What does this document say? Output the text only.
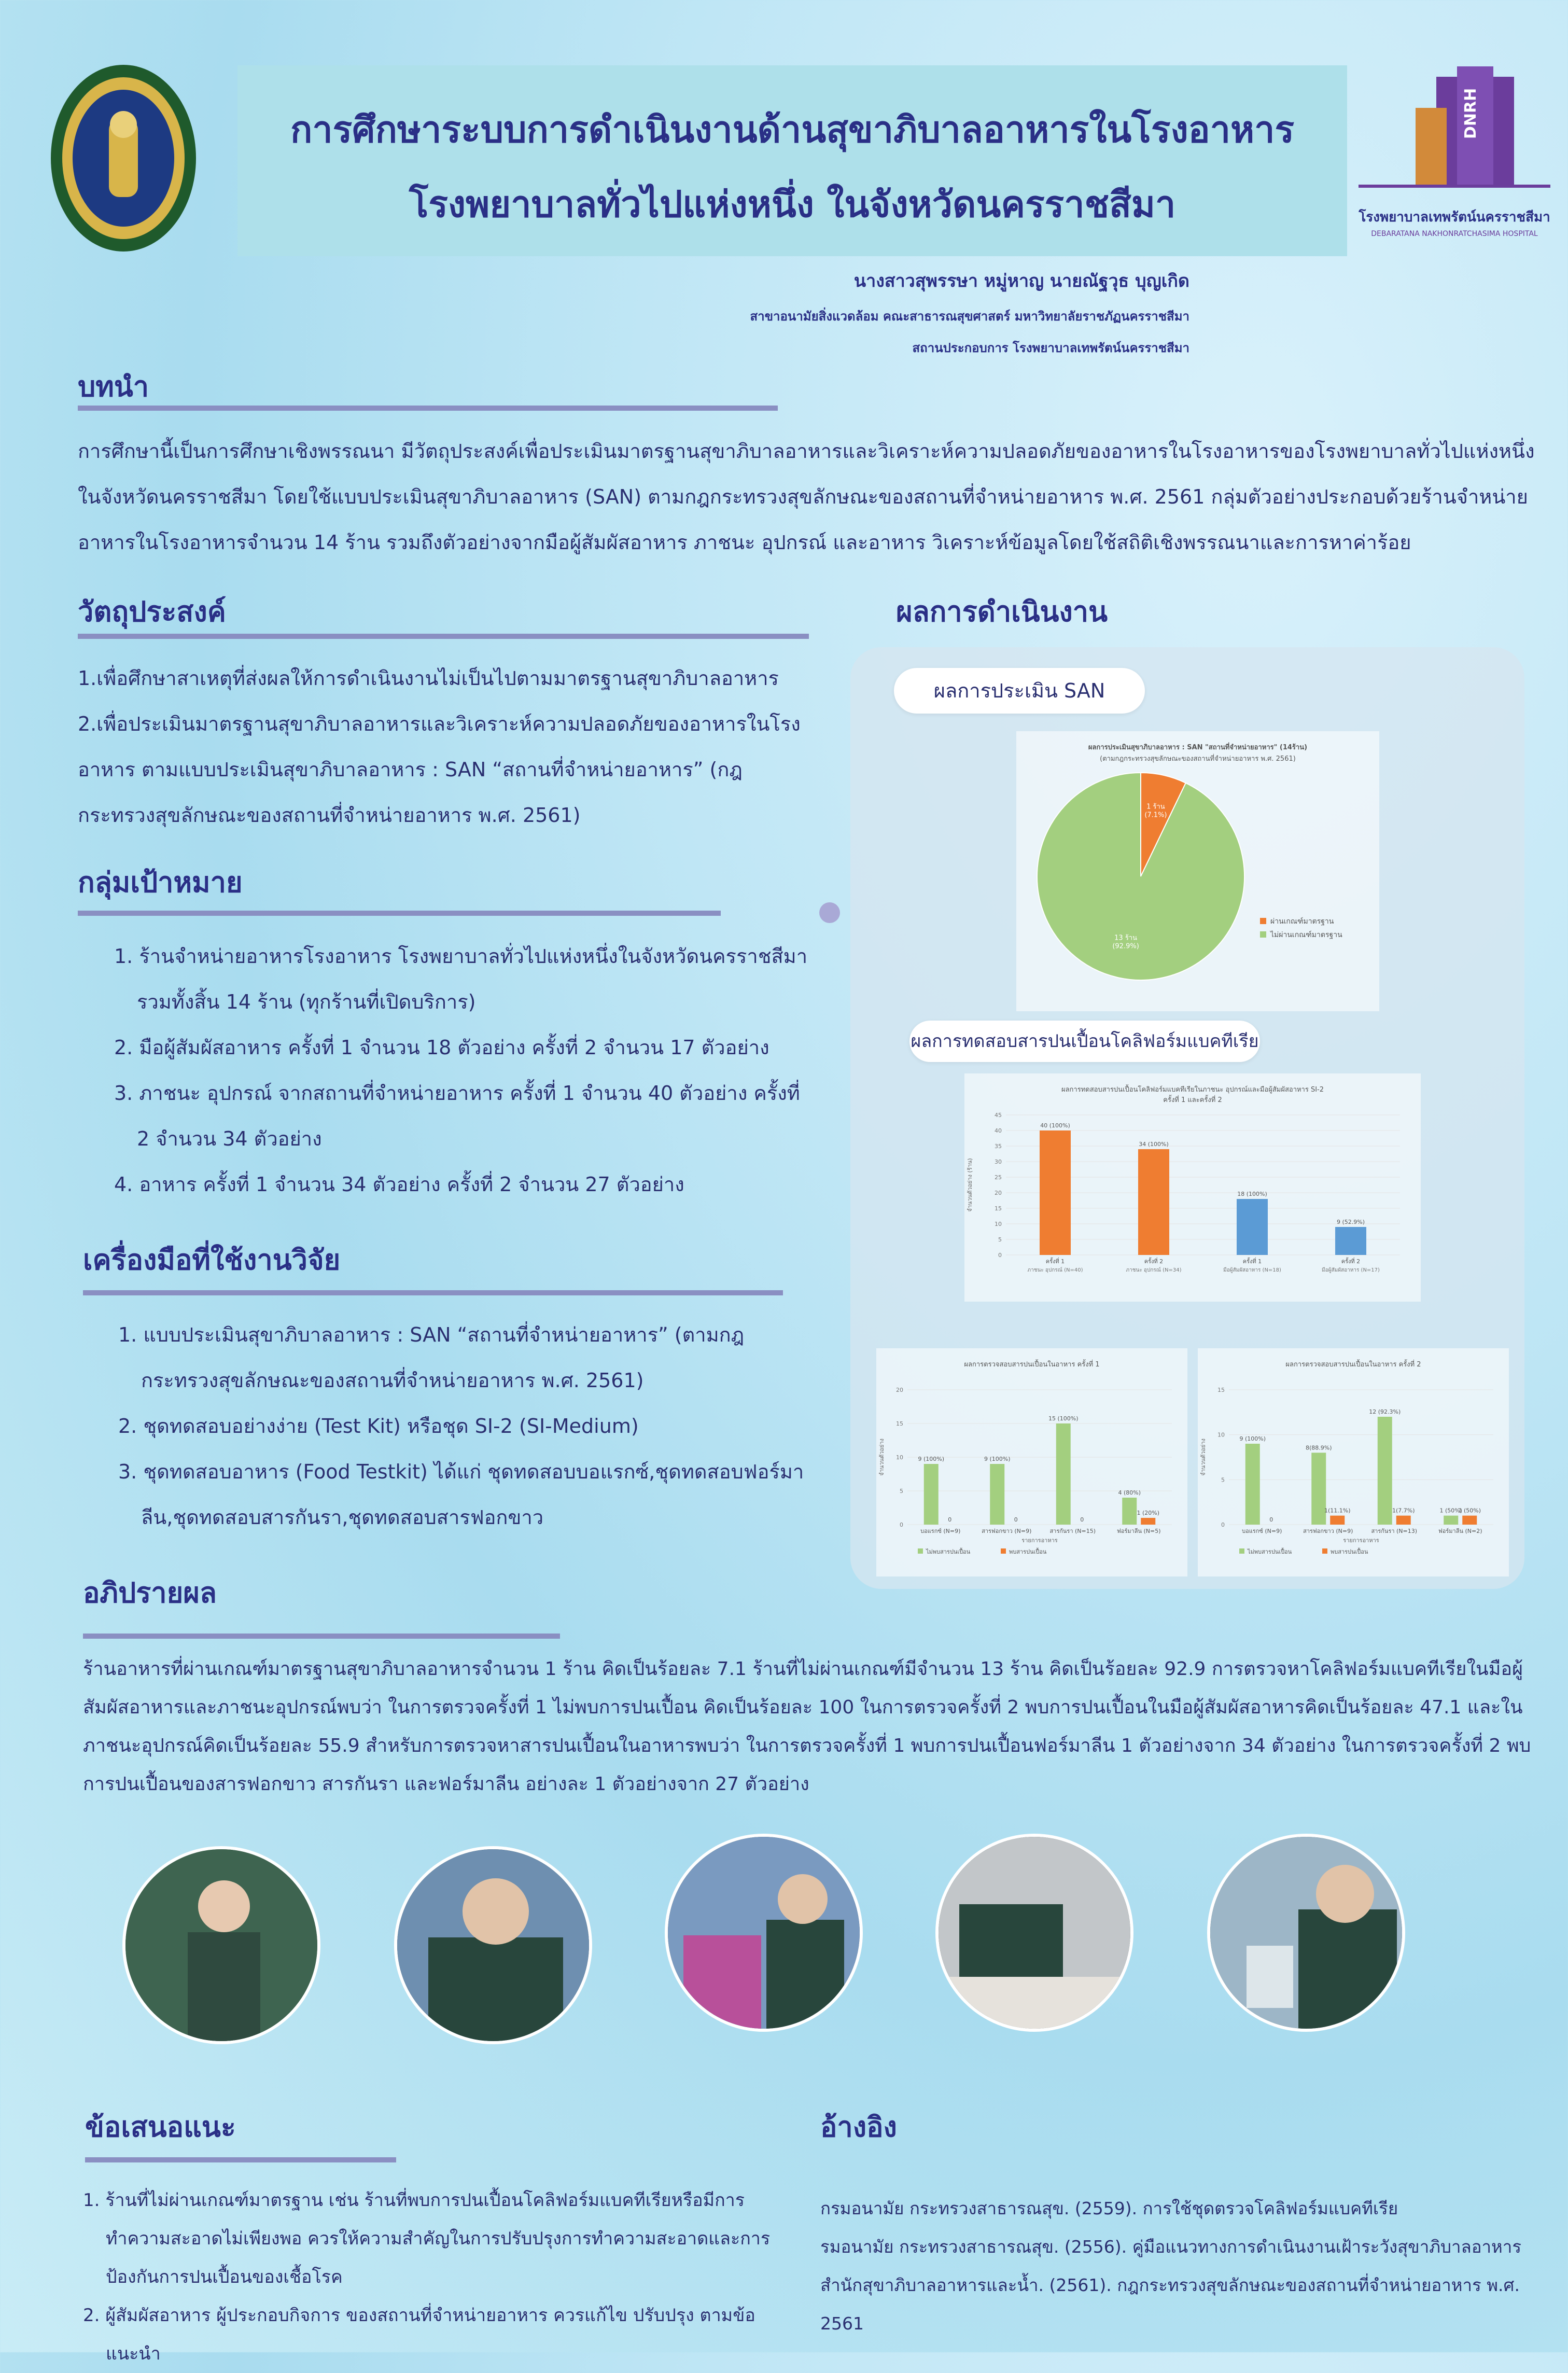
การศึกษาระบบการดำเนินงานด้านสุขาภิบาลอาหารในโรงอาหาร
โรงพยาบาลทั่วไปแห่งหนึ่ง ในจังหวัดนครราชสีมา
DNRH
โรงพยาบาลเทพรัตน์นครราชสีมา
DEBARATANA NAKHONRATCHASIMA HOSPITAL
นางสาวสุพรรษา หมู่หาญ นายณัฐวุธ บุญเกิด
สาขาอนามัยสิ่งแวดล้อม คณะสาธารณสุขศาสตร์ มหาวิทยาลัยราชภัฏนครราชสีมา
สถานประกอบการ โรงพยาบาลเทพรัตน์นครราชสีมา
บทนำ
การศึกษานี้เป็นการศึกษาเชิงพรรณนา มีวัตถุประสงค์เพื่อประเมินมาตรฐานสุขาภิบาลอาหารและวิเคราะห์ความปลอดภัยของอาหารในโรงอาหารของโรงพยาบาลทั่วไปแห่งหนึ่งในจังหวัดนครราชสีมา โดยใช้แบบประเมินสุขาภิบาลอาหาร (SAN) ตามกฎกระทรวงสุขลักษณะของสถานที่จำหน่ายอาหาร พ.ศ. 2561 กลุ่มตัวอย่างประกอบด้วยร้านจำหน่ายอาหารในโรงอาหารจำนวน 14 ร้าน รวมถึงตัวอย่างจากมือผู้สัมผัสอาหาร ภาชนะ อุปกรณ์ และอาหาร วิเคราะห์ข้อมูลโดยใช้สถิติเชิงพรรณนาและการหาค่าร้อย
วัตถุประสงค์
1.เพื่อศึกษาสาเหตุที่ส่งผลให้การดำเนินงานไม่เป็นไปตามมาตรฐานสุขาภิบาลอาหาร 2.เพื่อประเมินมาตรฐานสุขาภิบาลอาหารและวิเคราะห์ความปลอดภัยของอาหารในโรงอาหาร ตามแบบประเมินสุขาภิบาลอาหาร : SAN “สถานที่จำหน่ายอาหาร” (กฎกระทรวงสุขลักษณะของสถานที่จำหน่ายอาหาร พ.ศ. 2561)
กลุ่มเป้าหมาย
1. ร้านจำหน่ายอาหารโรงอาหาร โรงพยาบาลทั่วไปแห่งหนึ่งในจังหวัดนครราชสีมา รวมทั้งสิ้น 14 ร้าน (ทุกร้านที่เปิดบริการ)
2. มือผู้สัมผัสอาหาร ครั้งที่ 1 จำนวน 18 ตัวอย่าง ครั้งที่ 2 จำนวน 17 ตัวอย่าง
3. ภาชนะ อุปกรณ์ จากสถานที่จำหน่ายอาหาร ครั้งที่ 1 จำนวน 40 ตัวอย่าง ครั้งที่ 2 จำนวน 34 ตัวอย่าง
4. อาหาร ครั้งที่ 1 จำนวน 34 ตัวอย่าง ครั้งที่ 2 จำนวน 27 ตัวอย่าง
เครื่องมือที่ใช้งานวิจัย
1. แบบประเมินสุขาภิบาลอาหาร : SAN “สถานที่จำหน่ายอาหาร” (ตามกฎกระทรวงสุขลักษณะของสถานที่จำหน่ายอาหาร พ.ศ. 2561)
2. ชุดทดสอบอย่างง่าย (Test Kit) หรือชุด SI-2 (SI-Medium)
3. ชุดทดสอบอาหาร (Food Testkit) ได้แก่ ชุดทดสอบบอแรกซ์,ชุดทดสอบฟอร์มาลีน,ชุดทดสอบสารกันรา,ชุดทดสอบสารฟอกขาว
ผลการดำเนินงาน
ผลการประเมิน SAN
ผลการประเมินสุขาภิบาลอาหาร : SAN "สถานที่จำหน่ายอาหาร" (14ร้าน)
(ตามกฎกระทรวงสุขลักษณะของสถานที่จำหน่ายอาหาร พ.ศ. 2561)
1 ร้าน
(7.1%)
ผ่านเกณฑ์มาตรฐาน
13 ร้าน
(92.9%)
ไม่ผ่านเกณฑ์มาตรฐาน
ผลการทดสอบสารปนเปื้อนโคลิฟอร์มแบคทีเรีย
ผลการทดสอบสารปนเปื้อนโคลิฟอร์มแบคทีเรียในภาชนะ อุปกรณ์และมือผู้สัมผัสอาหาร SI-2
ครั้งที่ 1 และครั้งที่ 2
0
5
10
15
20
25
30
35
40
45
จำนวนตัวอย่าง (ร้าน)
40 (100%)
ครั้งที่ 1
ภาชนะ อุปกรณ์ (N=40)
34 (100%)
ครั้งที่ 2
ภาชนะ อุปกรณ์ (N=34)
18 (100%)
ครั้งที่ 1
มือผู้สัมผัสอาหาร (N=18)
9 (52.9%)
ครั้งที่ 2
มือผู้สัมผัสอาหาร (N=17)
ผลการตรวจสอบสารปนเปื้อนในอาหาร ครั้งที่ 1
0
5
10
15
20
จำนวนตัวอย่าง	9 (100%)
0
บอแรกซ์ (N=9)
9 (100%)
0
สารฟอกขาว (N=9)
15 (100%)
0
สารกันรา (N=15)
4 (80%)
1 (20%)
ฟอร์มาลีน (N=5)
รายการอาหาร
ไม่พบสารปนเปื้อน	พบสารปนเปื้อน
ผลการตรวจสอบสารปนเปื้อนในอาหาร ครั้งที่ 2
0
5
10
15
จำนวนตัวอย่าง	9 (100%)
0
บอแรกซ์ (N=9)
8(88.9%)
1(11.1%)
สารฟอกขาว (N=9)
12 (92.3%)
1(7.7%)
สารกันรา (N=13)
1 (50%)
1 (50%)
ฟอร์มาลีน (N=2)
รายการอาหาร
ไม่พบสารปนเปื้อน	พบสารปนเปื้อน
อภิปรายผล
ร้านอาหารที่ผ่านเกณฑ์มาตรฐานสุขาภิบาลอาหารจำนวน 1 ร้าน คิดเป็นร้อยละ 7.1 ร้านที่ไม่ผ่านเกณฑ์มีจำนวน 13 ร้าน คิดเป็นร้อยละ 92.9 การตรวจหาโคลิฟอร์มแบคทีเรียในมือผู้สัมผัสอาหารและภาชนะอุปกรณ์พบว่า ในการตรวจครั้งที่ 1 ไม่พบการปนเปื้อน คิดเป็นร้อยละ 100 ในการตรวจครั้งที่ 2 พบการปนเปื้อนในมือผู้สัมผัสอาหารคิดเป็นร้อยละ 47.1 และในภาชนะอุปกรณ์คิดเป็นร้อยละ 55.9 สำหรับการตรวจหาสารปนเปื้อนในอาหารพบว่า ในการตรวจครั้งที่ 1 พบการปนเปื้อนฟอร์มาลีน 1 ตัวอย่างจาก 34 ตัวอย่าง ในการตรวจครั้งที่ 2 พบการปนเปื้อนของสารฟอกขาว สารกันรา และฟอร์มาลีน อย่างละ 1 ตัวอย่างจาก 27 ตัวอย่าง
ข้อเสนอแนะ
1. ร้านที่ไม่ผ่านเกณฑ์มาตรฐาน เช่น ร้านที่พบการปนเปื้อนโคลิฟอร์มแบคทีเรียหรือมีการทำความสะอาดไม่เพียงพอ ควรให้ความสำคัญในการปรับปรุงการทำความสะอาดและการป้องกันการปนเปื้อนของเชื้อโรค
2. ผู้สัมผัสอาหาร ผู้ประกอบกิจการ ของสถานที่จำหน่ายอาหาร ควรแก้ไข ปรับปรุง ตามข้อแนะนำ
อ้างอิง
กรมอนามัย กระทรวงสาธารณสุข. (2559). การใช้ชุดตรวจโคลิฟอร์มแบคทีเรีย
รมอนามัย กระทรวงสาธารณสุข. (2556). คู่มือแนวทางการดำเนินงานเฝ้าระวังสุขาภิบาลอาหาร
สำนักสุขาภิบาลอาหารและน้ำ. (2561). กฎกระทรวงสุขลักษณะของสถานที่จำหน่ายอาหาร พ.ศ. 2561
